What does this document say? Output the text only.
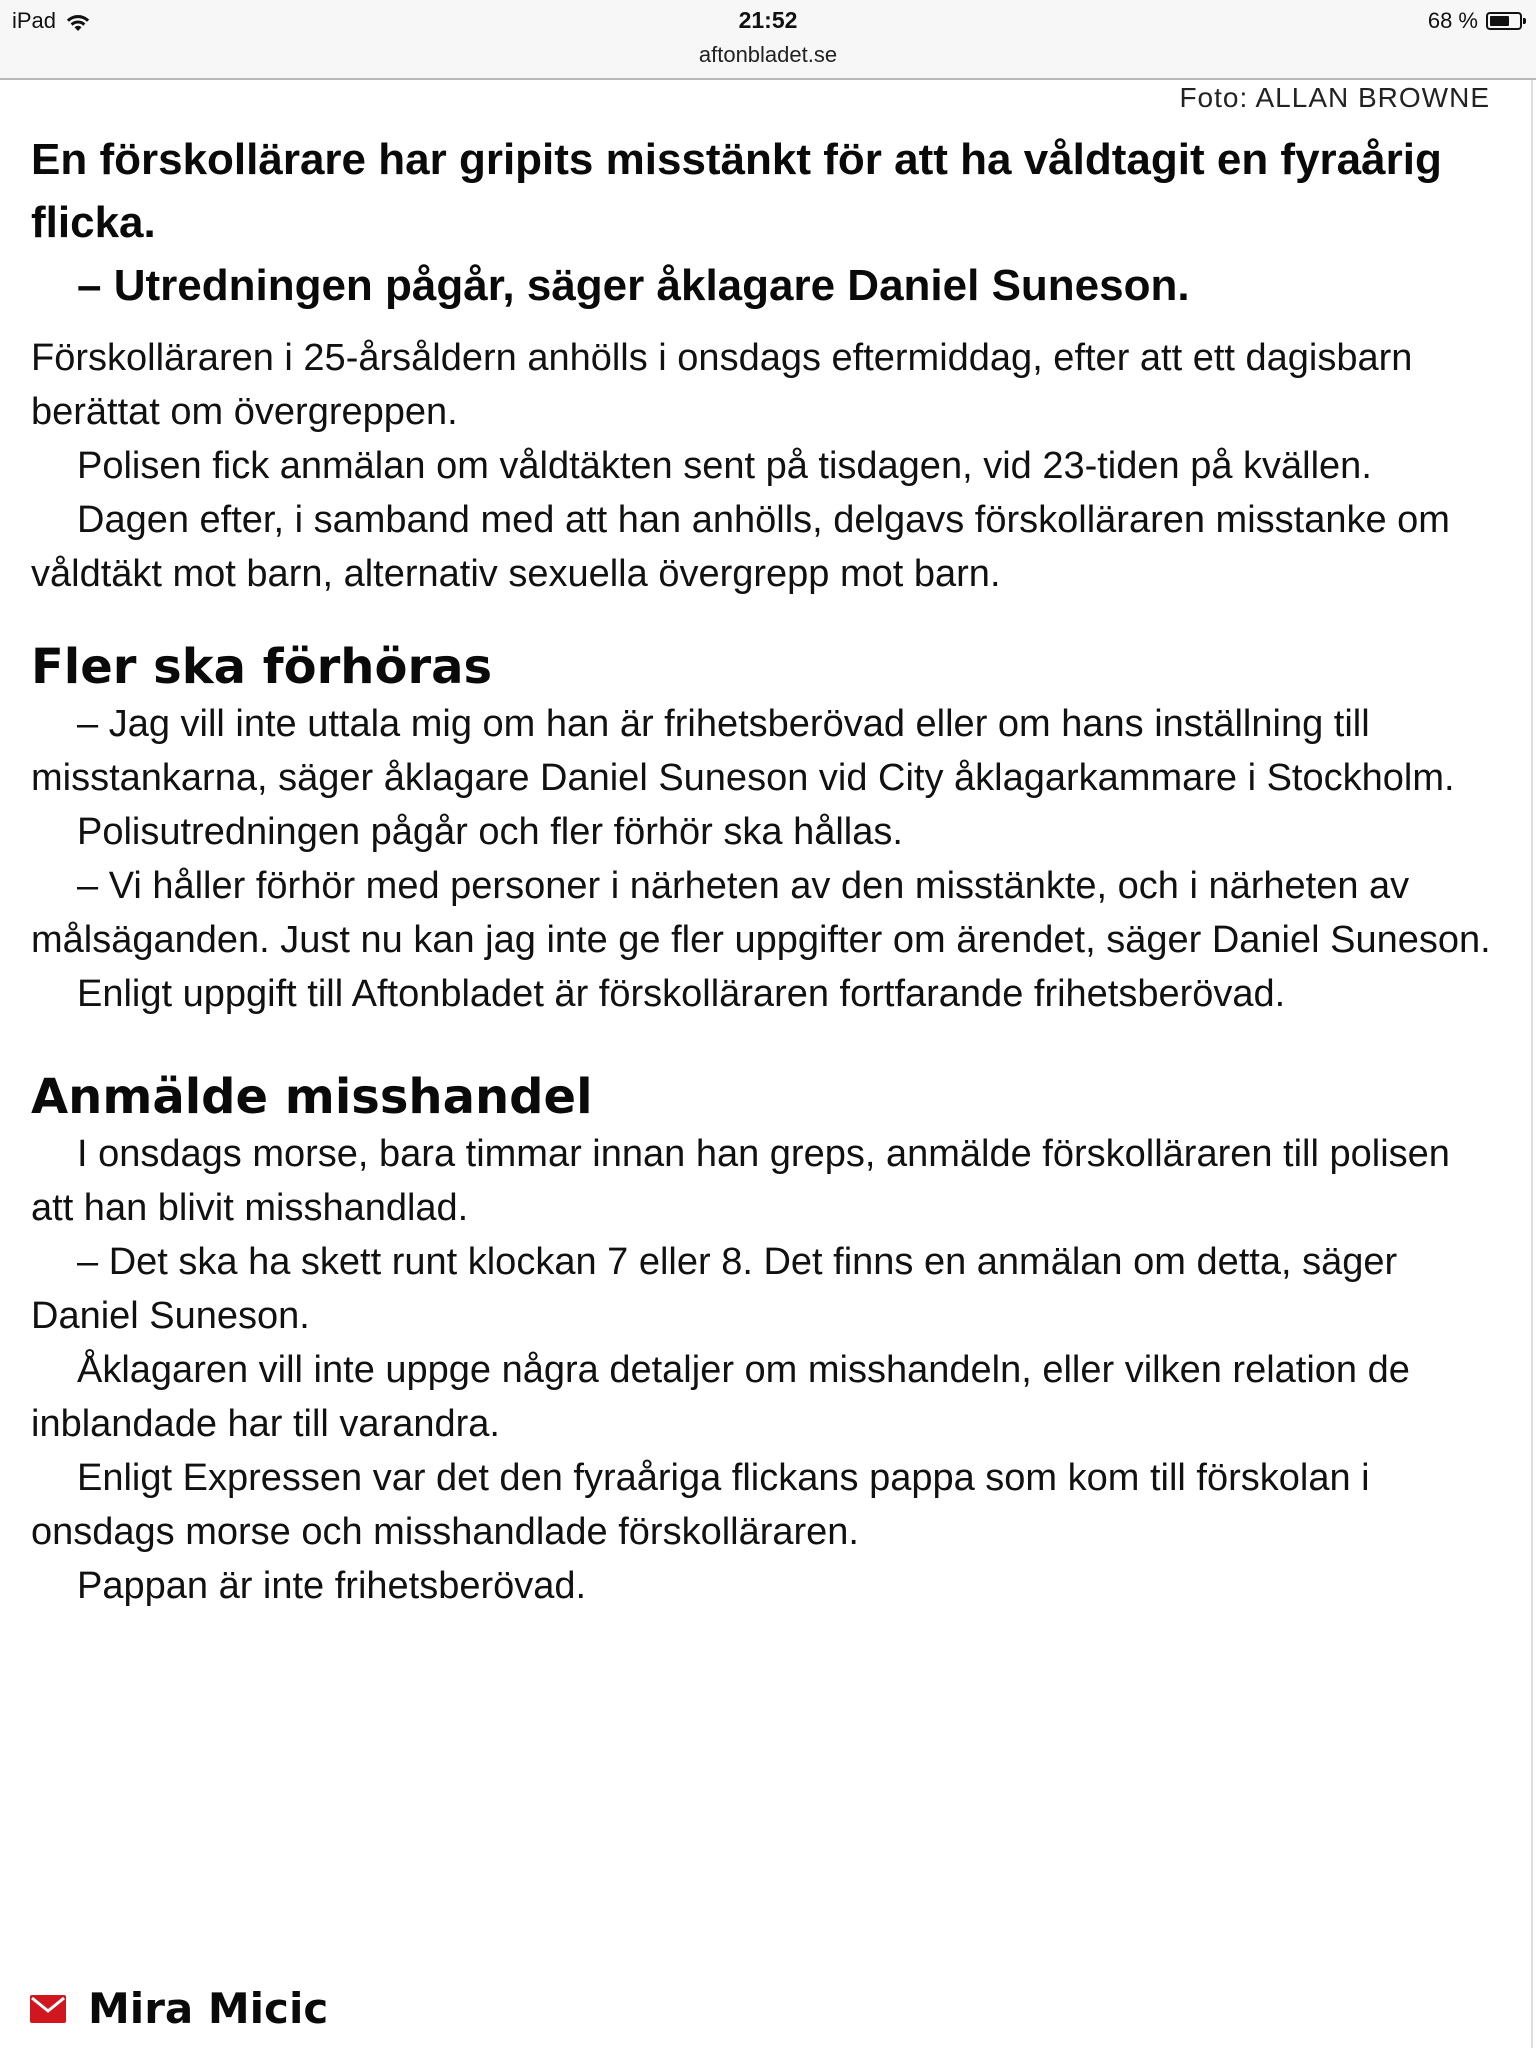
iPad	21:52	68 %
aftonbladet.se
Foto: ALLAN BROWNE
En förskollärare har gripits misstänkt för att ha våldtagit en fyraårig flicka.
– Utredningen pågår, säger åklagare Daniel Suneson.

Förskolläraren i 25-årsåldern anhölls i onsdags eftermiddag, efter att ett dagisbarn berättat om övergreppen.

Polisen fick anmälan om våldtäkten sent på tisdagen, vid 23-tiden på kvällen.

Dagen efter, i samband med att han anhölls, delgavs förskolläraren misstanke om våldtäkt mot barn, alternativ sexuella övergrepp mot barn.

Fler ska förhöras

– Jag vill inte uttala mig om han är frihetsberövad eller om hans inställning till misstankarna, säger åklagare Daniel Suneson vid City åklagarkammare i Stockholm.

Polisutredningen pågår och fler förhör ska hållas.

– Vi håller förhör med personer i närheten av den misstänkte, och i närheten av målsäganden. Just nu kan jag inte ge fler uppgifter om ärendet, säger Daniel Suneson.

Enligt uppgift till Aftonbladet är förskolläraren fortfarande frihetsberövad.

Anmälde misshandel

I onsdags morse, bara timmar innan han greps, anmälde förskolläraren till polisen att han blivit misshandlad.

– Det ska ha skett runt klockan 7 eller 8. Det finns en anmälan om detta, säger Daniel Suneson.

Åklagaren vill inte uppge några detaljer om misshandeln, eller vilken relation de inblandade har till varandra.

Enligt Expressen var det den fyraåriga flickans pappa som kom till förskolan i onsdags morse och misshandlade förskolläraren.

Pappan är inte frihetsberövad.

Mira Micic
